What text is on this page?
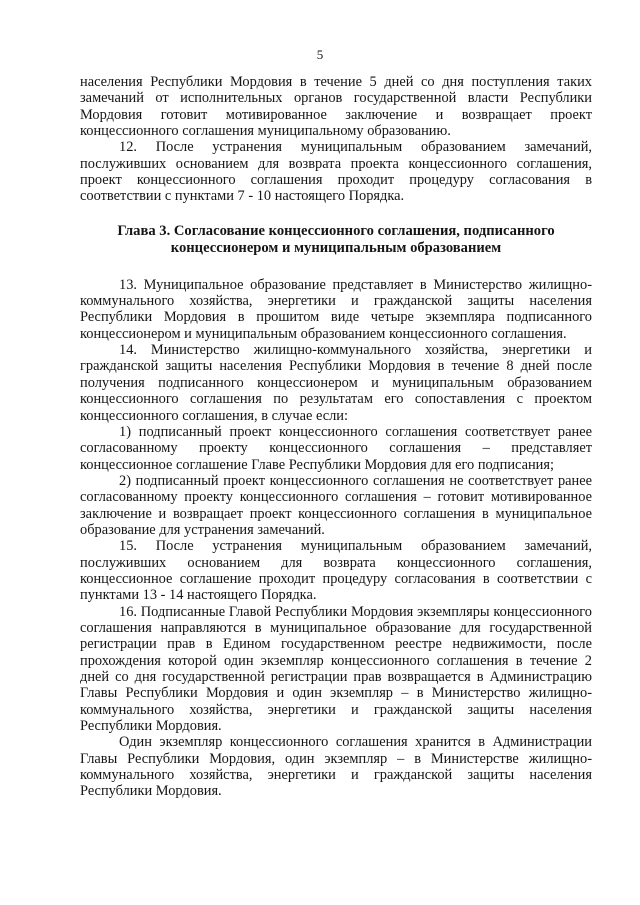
5

населения Республики Мордовия в течение 5 дней со дня поступления таких замечаний от исполнительных органов государственной власти Республики Мордовия готовит мотивированное заключение и возвращает проект концессионного соглашения муниципальному образованию.

12. После устранения муниципальным образованием замечаний, послуживших основанием для возврата проекта концессионного соглашения, проект концессионного соглашения проходит процедуру согласования в соответствии с пунктами 7 - 10 настоящего Порядка.

Глава 3. Согласование концессионного соглашения, подписанного концессионером и муниципальным образованием

13. Муниципальное образование представляет в Министерство жилищно-коммунального хозяйства, энергетики и гражданской защиты населения Республики Мордовия в прошитом виде четыре экземпляра подписанного концессионером и муниципальным образованием концессионного соглашения.

14. Министерство жилищно-коммунального хозяйства, энергетики и гражданской защиты населения Республики Мордовия в течение 8 дней после получения подписанного концессионером и муниципальным образованием концессионного соглашения по результатам его сопоставления с проектом концессионного соглашения, в случае если:

1) подписанный проект концессионного соглашения соответствует ранее согласованному проекту концессионного соглашения – представляет концессионное соглашение Главе Республики Мордовия для его подписания;

2) подписанный проект концессионного соглашения не соответствует ранее согласованному проекту концессионного соглашения – готовит мотивированное заключение и возвращает проект концессионного соглашения в муниципальное образование для устранения замечаний.

15. После устранения муниципальным образованием замечаний, послуживших основанием для возврата концессионного соглашения, концессионное соглашение проходит процедуру согласования в соответствии с пунктами 13 - 14 настоящего Порядка.

16. Подписанные Главой Республики Мордовия экземпляры концессионного соглашения направляются в муниципальное образование для государственной регистрации прав в Едином государственном реестре недвижимости, после прохождения которой один экземпляр концессионного соглашения в течение 2 дней со дня государственной регистрации прав возвращается в Администрацию Главы Республики Мордовия и один экземпляр – в Министерство жилищно-коммунального хозяйства, энергетики и гражданской защиты населения Республики Мордовия.

Один экземпляр концессионного соглашения хранится в Администрации Главы Республики Мордовия, один экземпляр – в Министерстве жилищно-коммунального хозяйства, энергетики и гражданской защиты населения Республики Мордовия.
